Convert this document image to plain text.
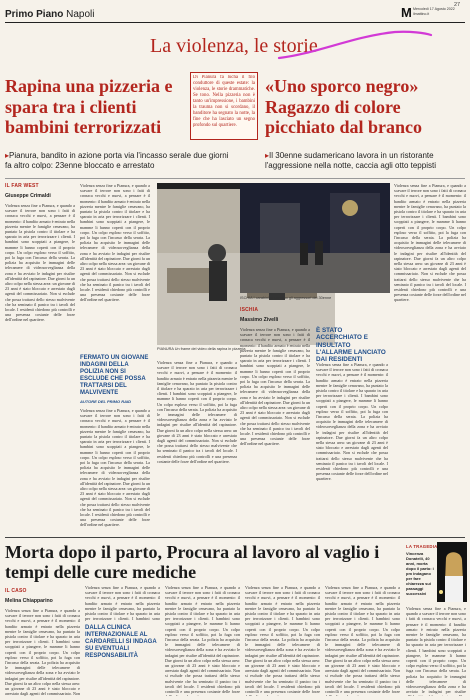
Primo Piano Napoli	M Mercoledì 17 Agosto 2022
ilmattino.it
27
La violenza, le storie
Rapina una pizzeria e spara tra i clienti bambini terrorizzati
▸Pianura, bandito in azione porta via l'incasso serale due giorni fa altro colpo: 23enne bloccato e arrestato
Di Pianura fa lucha il filo conduttore di queste estate: la violenza, le storie drammatiche. Se tono. Nella pizzeria non è tanto un'impressione, i bambini la trauma non si scordano, il banditore ha segnato la notte, la fine che ha lasciato un segno profondo sul quartiere.
«Uno sporco negro» Ragazzo di colore picchiato dal branco
▸Il 30enne sudamericano lavora in un ristorante l'aggressione nella notte, caccia agli otto teppisti
IL FAR WEST
Giuseppe Crimaldi
Violenza senza fine a Pianura, e quando a scavare il terrore non sono i fatti di cronaca vecchi e nuovi, a pensare è il momento: il bandito armato è entrato nella pizzeria mentre le famiglie cenavano, ha puntato la pistola contro il titolare e ha sparato in aria per terrorizzare i clienti. I bambini sono scoppiati a piangere, le mamme li hanno coperti con il proprio corpo. Un colpo esploso verso il soffitto, poi la fuga con l'incasso della serata. La polizia ha acquisito le immagini delle telecamere di videosorveglianza della zona e ha avviato le indagini per risalire all'identità del rapinatore. Due giorni fa un altro colpo nella stessa area: un giovane di 23 anni è stato bloccato e arrestato dagli agenti del commissariato. Non si esclude che possa trattarsi dello stesso malvivente che ha seminato il panico tra i tavoli del locale. I residenti chiedono più controlli e una presenza costante delle forze dell'ordine nel quartiere.
Violenza senza fine a Pianura, e quando a scavare il terrore non sono i fatti di cronaca vecchi e nuovi, a pensare è il momento: il bandito armato è entrato nella pizzeria mentre le famiglie cenavano, ha puntato la pistola contro il titolare e ha sparato in aria per terrorizzare i clienti. I bambini sono scoppiati a piangere, le mamme li hanno coperti con il proprio corpo. Un colpo esploso verso il soffitto, poi la fuga con l'incasso della serata. La polizia ha acquisito le immagini delle telecamere di videosorveglianza della zona e ha avviato le indagini per risalire all'identità del rapinatore. Due giorni fa un altro colpo nella stessa area: un giovane di 23 anni è stato bloccato e arrestato dagli agenti del commissariato. Non si esclude che possa trattarsi dello stesso malvivente che ha seminato il panico tra i tavoli del locale. I residenti chiedono più controlli e una presenza costante delle forze dell'ordine nel quartiere.
PIANURA Un frame del video della rapina in pizzeria
FERMATO UN GIOVANE INDAGINI DELLA POLIZIA NON SI ESCLUDE CHE POSSA TRATTARSI DEL MALVIVENTE
AUTORE DEL PRIMO RAID
Violenza senza fine a Pianura, e quando a scavare il terrore non sono i fatti di cronaca vecchi e nuovi, a pensare è il momento: il bandito armato è entrato nella pizzeria mentre le famiglie cenavano, ha puntato la pistola contro il titolare e ha sparato in aria per terrorizzare i clienti. I bambini sono scoppiati a piangere, le mamme li hanno coperti con il proprio corpo. Un colpo esploso verso il soffitto, poi la fuga con l'incasso della serata. La polizia ha acquisito le immagini delle telecamere di videosorveglianza della zona e ha avviato le indagini per risalire all'identità del rapinatore. Due giorni fa un altro colpo nella stessa area: un giovane di 23 anni è stato bloccato e arrestato dagli agenti del commissariato. Non si esclude che possa trattarsi dello stesso malvivente che ha seminato il panico tra i tavoli del locale. I residenti chiedono più controlli e una presenza costante delle forze dell'ordine nel quartiere.
Violenza senza fine a Pianura, e quando a scavare il terrore non sono i fatti di cronaca vecchi e nuovi, a pensare è il momento: il bandito armato è entrato nella pizzeria mentre le famiglie cenavano, ha puntato la pistola contro il titolare e ha sparato in aria per terrorizzare i clienti. I bambini sono scoppiati a piangere, le mamme li hanno coperti con il proprio corpo. Un colpo esploso verso il soffitto, poi la fuga con l'incasso della serata. La polizia ha acquisito le immagini delle telecamere di videosorveglianza della zona e ha avviato le indagini per risalire all'identità del rapinatore. Due giorni fa un altro colpo nella stessa area: un giovane di 23 anni è stato bloccato e arrestato dagli agenti del commissariato. Non si esclude che possa trattarsi dello stesso malvivente che ha seminato il panico tra i tavoli del locale. I residenti chiedono più controlli e una presenza costante delle forze dell'ordine nel quartiere.
ISCHIA I carabinieri cercano gli aggressori del 30enne
ISCHIA
Massimo Zivelli
Violenza senza fine a Pianura, e quando a scavare il terrore non sono i fatti di cronaca vecchi e nuovi, a pensare è il momento: il bandito armato è entrato nella pizzeria mentre le famiglie cenavano, ha puntato la pistola contro il titolare e ha sparato in aria per terrorizzare i clienti. I bambini sono scoppiati a piangere, le mamme li hanno coperti con il proprio corpo. Un colpo esploso verso il soffitto, poi la fuga con l'incasso della serata. La polizia ha acquisito le immagini delle telecamere di videosorveglianza della zona e ha avviato le indagini per risalire all'identità del rapinatore. Due giorni fa un altro colpo nella stessa area: un giovane di 23 anni è stato bloccato e arrestato dagli agenti del commissariato. Non si esclude che possa trattarsi dello stesso malvivente che ha seminato il panico tra i tavoli del locale. I residenti chiedono più controlli e una presenza costante delle forze dell'ordine nel quartiere.
È STATO ACCERCHIATO E INSULTATO L'ALLARME LANCIATO DAI RESIDENTI
Violenza senza fine a Pianura, e quando a scavare il terrore non sono i fatti di cronaca vecchi e nuovi, a pensare è il momento: il bandito armato è entrato nella pizzeria mentre le famiglie cenavano, ha puntato la pistola contro il titolare e ha sparato in aria per terrorizzare i clienti. I bambini sono scoppiati a piangere, le mamme li hanno coperti con il proprio corpo. Un colpo esploso verso il soffitto, poi la fuga con l'incasso della serata. La polizia ha acquisito le immagini delle telecamere di videosorveglianza della zona e ha avviato le indagini per risalire all'identità del rapinatore. Due giorni fa un altro colpo nella stessa area: un giovane di 23 anni è stato bloccato e arrestato dagli agenti del commissariato. Non si esclude che possa trattarsi dello stesso malvivente che ha seminato il panico tra i tavoli del locale. I residenti chiedono più controlli e una presenza costante delle forze dell'ordine nel quartiere.
Violenza senza fine a Pianura, e quando a scavare il terrore non sono i fatti di cronaca vecchi e nuovi, a pensare è il momento: il bandito armato è entrato nella pizzeria mentre le famiglie cenavano, ha puntato la pistola contro il titolare e ha sparato in aria per terrorizzare i clienti. I bambini sono scoppiati a piangere, le mamme li hanno coperti con il proprio corpo. Un colpo esploso verso il soffitto, poi la fuga con l'incasso della serata. La polizia ha acquisito le immagini delle telecamere di videosorveglianza della zona e ha avviato le indagini per risalire all'identità del rapinatore. Due giorni fa un altro colpo nella stessa area: un giovane di 23 anni è stato bloccato e arrestato dagli agenti del commissariato. Non si esclude che possa trattarsi dello stesso malvivente che ha seminato il panico tra i tavoli del locale. I residenti chiedono più controlli e una presenza costante delle forze dell'ordine nel quartiere.
Morta dopo il parto, Procura al lavoro al vaglio i tempi delle cure mediche
IL CASO
Melina Chiapparino
Violenza senza fine a Pianura, e quando a scavare il terrore non sono i fatti di cronaca vecchi e nuovi, a pensare è il momento: il bandito armato è entrato nella pizzeria mentre le famiglie cenavano, ha puntato la pistola contro il titolare e ha sparato in aria per terrorizzare i clienti. I bambini sono scoppiati a piangere, le mamme li hanno coperti con il proprio corpo. Un colpo esploso verso il soffitto, poi la fuga con l'incasso della serata. La polizia ha acquisito le immagini delle telecamere di videosorveglianza della zona e ha avviato le indagini per risalire all'identità del rapinatore. Due giorni fa un altro colpo nella stessa area: un giovane di 23 anni è stato bloccato e arrestato dagli agenti del commissariato. Non
Violenza senza fine a Pianura, e quando a scavare il terrore non sono i fatti di cronaca vecchi e nuovi, a pensare è il momento: il bandito armato è entrato nella pizzeria mentre le famiglie cenavano, ha puntato la pistola contro il titolare e ha sparato in aria per terrorizzare i clienti. I bambini sono
DALLA CLINICA INTERNAZIONALE AL CARDARELLI SI INDAGA SU EVENTUALI RESPONSABILITÀ
Violenza senza fine a Pianura, e quando a scavare il terrore non sono i fatti di cronaca vecchi e nuovi, a pensare è il momento: il bandito armato è entrato nella pizzeria mentre le famiglie cenavano, ha puntato la pistola contro il titolare e ha sparato in aria per terrorizzare i clienti. I bambini sono scoppiati a piangere, le mamme li hanno coperti con il proprio corpo. Un colpo esploso verso il soffitto, poi la fuga con l'incasso della serata. La polizia ha acquisito le immagini delle telecamere di videosorveglianza della zona e ha avviato le indagini per risalire all'identità del rapinatore. Due giorni fa un altro colpo nella stessa area: un giovane di 23 anni è stato bloccato e arrestato dagli agenti del commissariato. Non si esclude che possa trattarsi dello stesso malvivente che ha seminato il panico tra i tavoli del locale. I residenti chiedono più controlli e una presenza costante delle forze
Violenza senza fine a Pianura, e quando a scavare il terrore non sono i fatti di cronaca vecchi e nuovi, a pensare è il momento: il bandito armato è entrato nella pizzeria mentre le famiglie cenavano, ha puntato la pistola contro il titolare e ha sparato in aria per terrorizzare i clienti. I bambini sono scoppiati a piangere, le mamme li hanno coperti con il proprio corpo. Un colpo esploso verso il soffitto, poi la fuga con l'incasso della serata. La polizia ha acquisito le immagini delle telecamere di videosorveglianza della zona e ha avviato le indagini per risalire all'identità del rapinatore. Due giorni fa un altro colpo nella stessa area: un giovane di 23 anni è stato bloccato e arrestato dagli agenti del commissariato. Non si esclude che possa trattarsi dello stesso malvivente che ha seminato il panico tra i tavoli del locale. I residenti chiedono più controlli e una presenza costante delle forze
Violenza senza fine a Pianura, e quando a scavare il terrore non sono i fatti di cronaca vecchi e nuovi, a pensare è il momento: il bandito armato è entrato nella pizzeria mentre le famiglie cenavano, ha puntato la pistola contro il titolare e ha sparato in aria per terrorizzare i clienti. I bambini sono scoppiati a piangere, le mamme li hanno coperti con il proprio corpo. Un colpo esploso verso il soffitto, poi la fuga con l'incasso della serata. La polizia ha acquisito le immagini delle telecamere di videosorveglianza della zona e ha avviato le indagini per risalire all'identità del rapinatore. Due giorni fa un altro colpo nella stessa area: un giovane di 23 anni è stato bloccato e arrestato dagli agenti del commissariato. Non si esclude che possa trattarsi dello stesso malvivente che ha seminato il panico tra i tavoli del locale. I residenti chiedono più controlli e una presenza costante delle forze
LA TRAGEDIA
Vincenza Donatelli, 40 anni, morta dopo il parto: i pm indagano per fare chiarezza sui passaggi successivi
Violenza senza fine a Pianura, e quando a scavare il terrore non sono i fatti di cronaca vecchi e nuovi, a pensare è il momento: il bandito armato è entrato nella pizzeria mentre le famiglie cenavano, ha puntato la pistola contro il titolare e ha sparato in aria per terrorizzare i clienti. I bambini sono scoppiati a piangere, le mamme li hanno coperti con il proprio corpo. Un colpo esploso verso il soffitto, poi la fuga con l'incasso della serata. La polizia ha acquisito le immagini delle telecamere di videosorveglianza della zona e ha avviato le indagini per risalire
